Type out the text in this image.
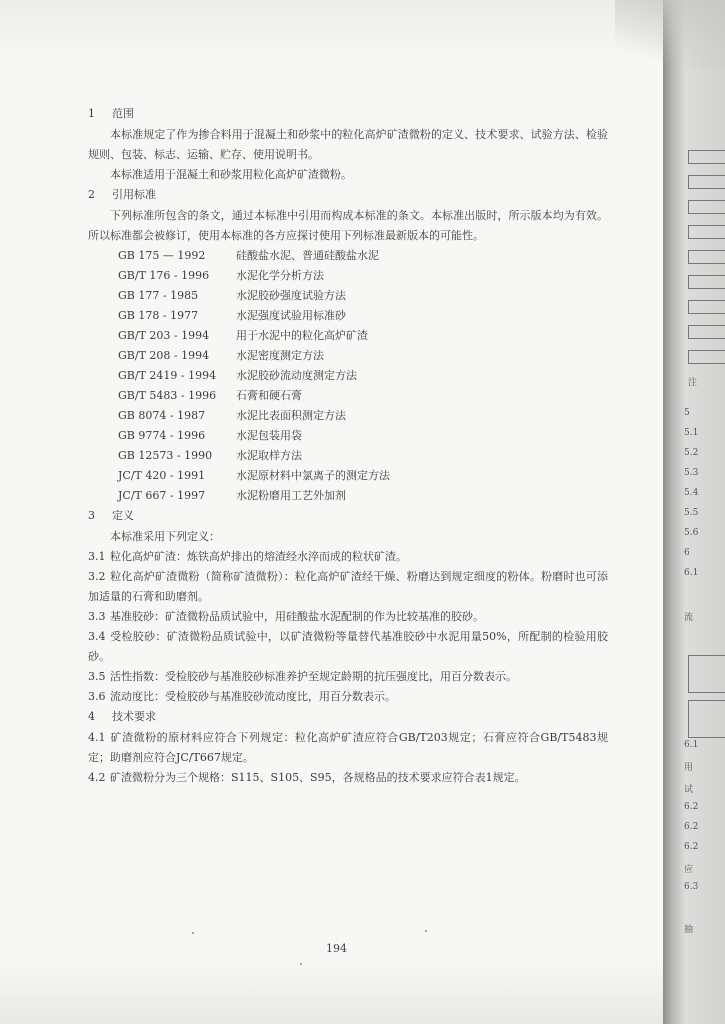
注
5
5.1
5.2
5.3
5.4
5.5
5.6
6
6.1
流
6.1
用
试
6.2
6.2
6.2
应
6.3
抽
1 范围

本标准规定了作为掺合料用于混凝土和砂浆中的粒化高炉矿渣微粉的定义、技术要求、试验方法、检验规则、包装、标志、运输、贮存、使用说明书。

本标准适用于混凝土和砂浆用粒化高炉矿渣微粉。

2 引用标准

下列标准所包含的条文，通过本标准中引用而构成本标准的条文。本标准出版时，所示版本均为有效。所以标准都会被修订，使用本标准的各方应探讨使用下列标准最新版本的可能性。

GB 175 — 1992	硅酸盐水泥、普通硅酸盐水泥
GB/T 176 - 1996	水泥化学分析方法
GB 177 - 1985	水泥胶砂强度试验方法
GB 178 - 1977	水泥强度试验用标准砂
GB/T 203 - 1994	用于水泥中的粒化高炉矿渣
GB/T 208 - 1994	水泥密度测定方法
GB/T 2419 - 1994	水泥胶砂流动度测定方法
GB/T 5483 - 1996	石膏和硬石膏
GB 8074 - 1987	水泥比表面积测定方法
GB 9774 - 1996	水泥包装用袋
GB 12573 - 1990	水泥取样方法
JC/T 420 - 1991	水泥原材料中氯离子的测定方法
JC/T 667 - 1997	水泥粉磨用工艺外加剂
3 定义

本标准采用下列定义：

3.1 粒化高炉矿渣：炼铁高炉排出的熔渣经水淬而成的粒状矿渣。

3.2 粒化高炉矿渣微粉（简称矿渣微粉）：粒化高炉矿渣经干燥、粉磨达到规定细度的粉体。粉磨时也可添加适量的石膏和助磨剂。

3.3 基准胶砂：矿渣微粉品质试验中，用硅酸盐水泥配制的作为比较基准的胶砂。

3.4 受检胶砂：矿渣微粉品质试验中，以矿渣微粉等量替代基准胶砂中水泥用量50%，所配制的检验用胶砂。

3.5 活性指数：受检胶砂与基准胶砂标准养护至规定龄期的抗压强度比，用百分数表示。

3.6 流动度比：受检胶砂与基准胶砂流动度比，用百分数表示。

4 技术要求

4.1 矿渣微粉的原材料应符合下列规定：粒化高炉矿渣应符合GB/T203规定；石膏应符合GB/T5483规定；助磨剂应符合JC/T667规定。

4.2 矿渣微粉分为三个规格：S115、S105、S95，各规格品的技术要求应符合表1规定。

194
